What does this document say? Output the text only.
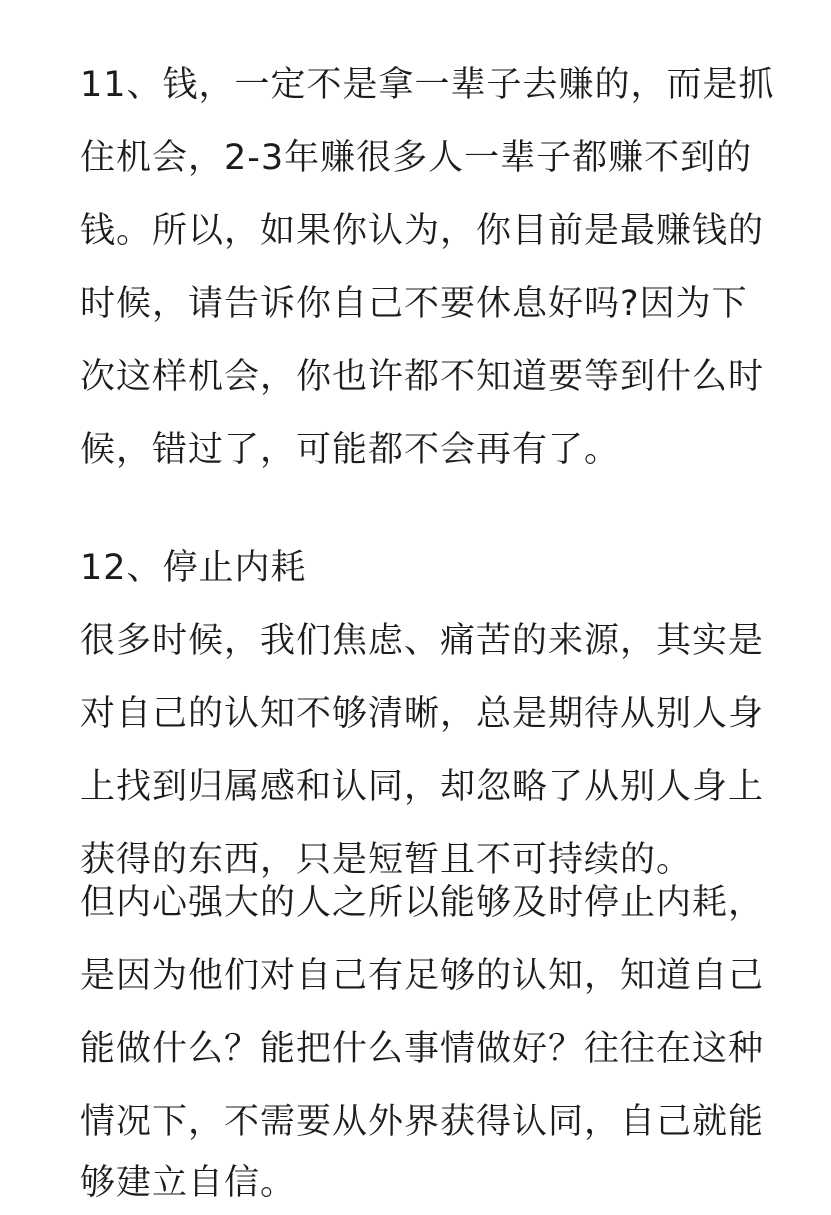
11、钱，一定不是拿一辈子去赚的，而是抓
住机会，2-3年赚很多人一辈子都赚不到的
钱。所以，如果你认为，你目前是最赚钱的
时候，请告诉你自己不要休息好吗?因为下
次这样机会，你也许都不知道要等到什么时
候，错过了，可能都不会再有了。
12、停止内耗
很多时候，我们焦虑、痛苦的来源，其实是
对自己的认知不够清晰，总是期待从别人身
上找到归属感和认同，却忽略了从别人身上
获得的东西，只是短暂且不可持续的。
但内心强大的人之所以能够及时停止内耗，
是因为他们对自己有足够的认知，知道自己
能做什么？能把什么事情做好？往往在这种
情况下，不需要从外界获得认同，自己就能
够建立自信。
